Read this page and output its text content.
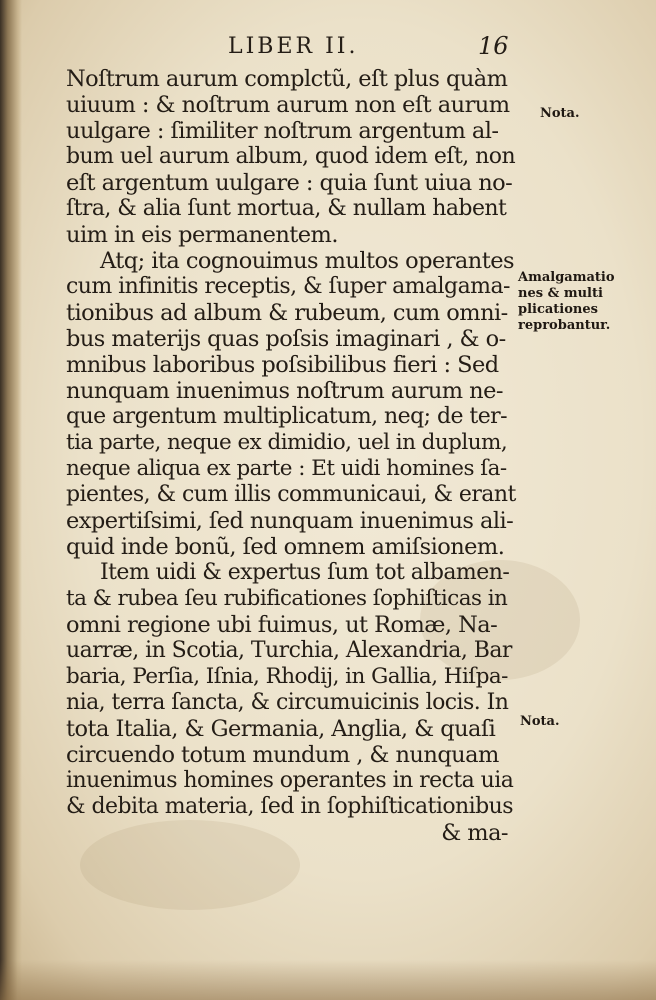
LIBER II.	16
Noſtrum aurum complctũ, eſt plus quàm
uiuum : & noſtrum aurum non eſt aurum
uulgare : ſimiliter noſtrum argentum al-
bum uel aurum album, quod idem eſt, non
eſt argentum uulgare : quia ſunt uiua no-
ſtra, & alia ſunt mortua, & nullam habent
uim in eis permanentem.
Atq; ita cognouimus multos operantes
cum infinitis receptis, & ſuper amalgama-
tionibus ad album & rubeum, cum omni-
bus materijs quas poſsis imaginari , & o-
mnibus laboribus poſsibilibus fieri : Sed
nunquam inuenimus noſtrum aurum ne-
que argentum multiplicatum, neq; de ter-
tia parte, neque ex dimidio, uel in duplum,
neque aliqua ex parte : Et uidi homines ſa-
pientes, & cum illis communicaui, & erant
expertiſsimi, ſed nunquam inuenimus ali-
quid inde bonũ, ſed omnem amiſsionem.
Item uidi & expertus ſum tot albamen-
ta & rubea ſeu rubificationes ſophiſticas in
omni regione ubi fuimus, ut Romæ, Na-
uarræ, in Scotia, Turchia, Alexandria, Bar
baria, Perſia, Iſnia, Rhodij, in Gallia, Hiſpa-
nia, terra ſancta, & circumuicinis locis. In
tota Italia, & Germania, Anglia, & quaſi
circuendo totum mundum , & nunquam
inuenimus homines operantes in recta uia
& debita materia, ſed in ſophiſticationibus
& ma-
Nota.
Amalgamatio
nes & multi
plicationes
reprobantur.
Nota.
